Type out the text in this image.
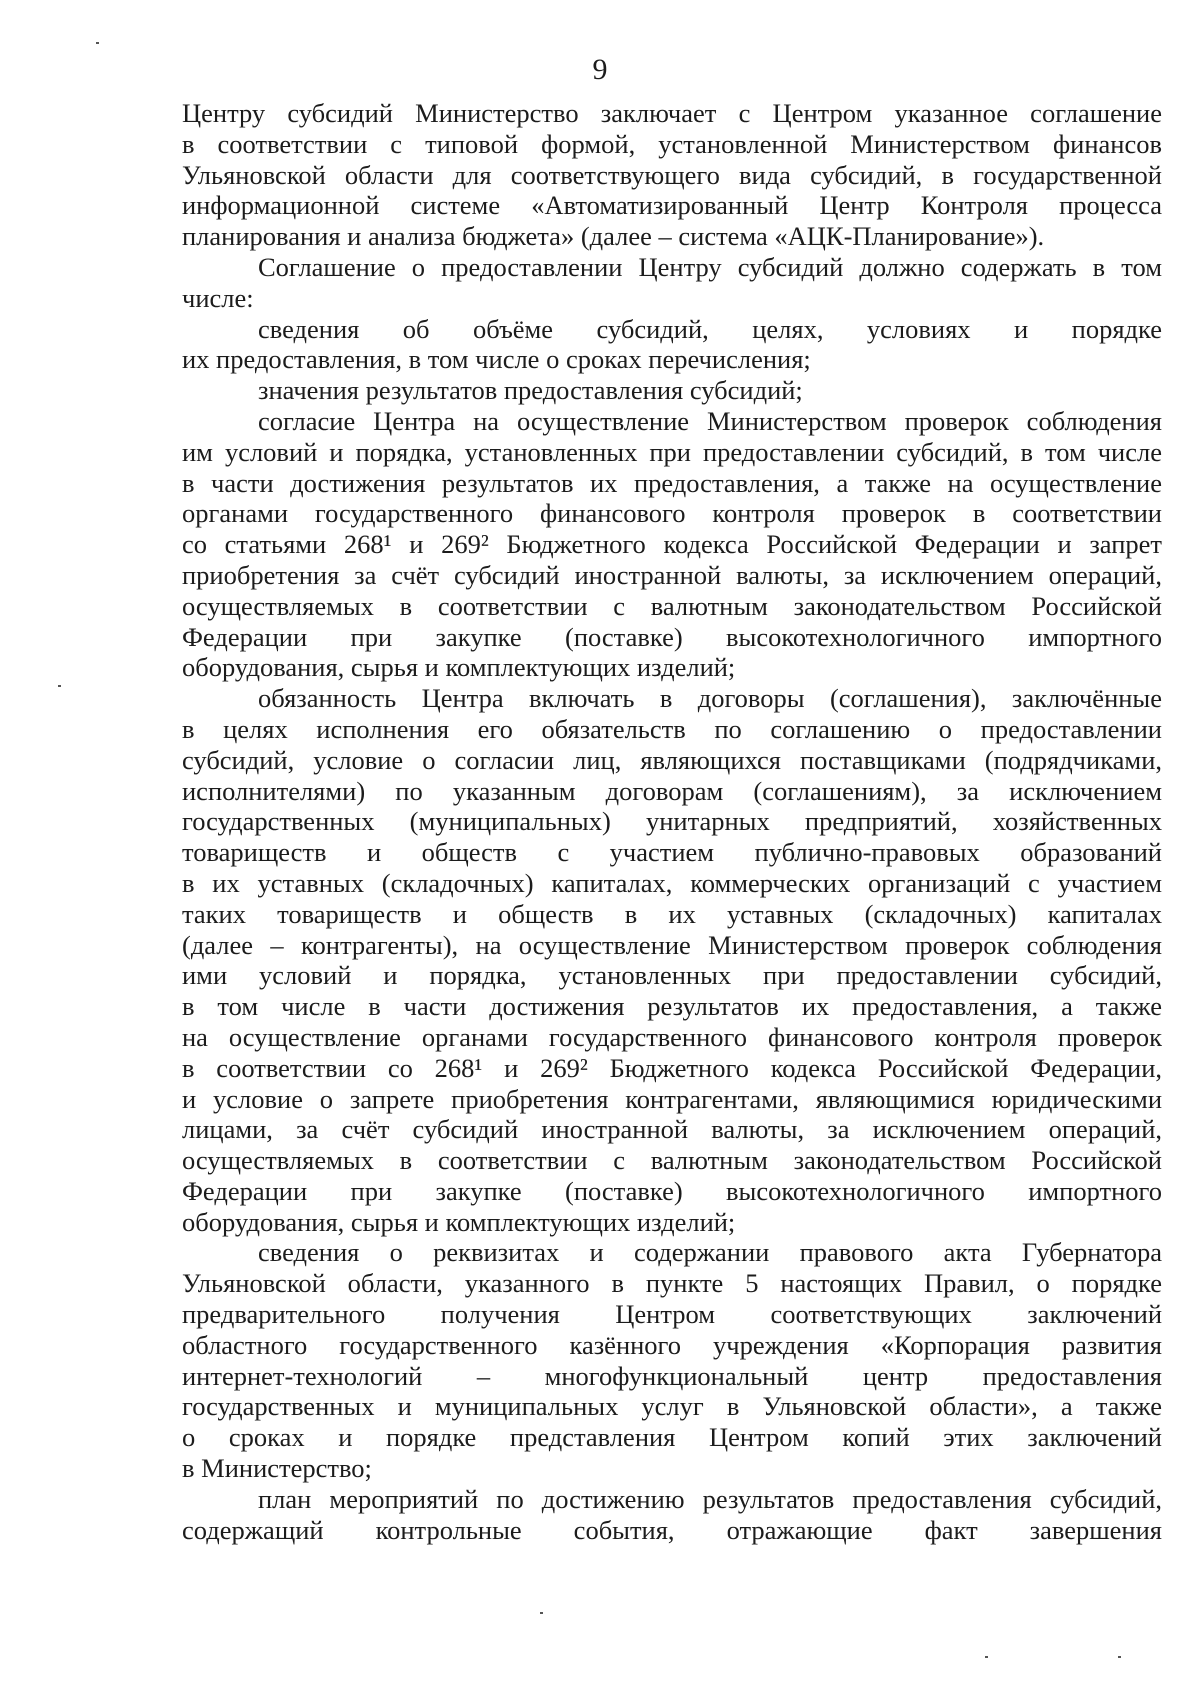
9

Центру субсидий Министерство заключает с Центром указанное соглашение

в соответствии с типовой формой, установленной Министерством финансов

Ульяновской области для соответствующего вида субсидий, в государственной

информационной системе «Автоматизированный Центр Контроля процесса

планирования и анализа бюджета» (далее – система «АЦК-Планирование»).

Соглашение о предоставлении Центру субсидий должно содержать в том

числе:

сведения об объёме субсидий, целях, условиях и порядке

их предоставления, в том числе о сроках перечисления;

значения результатов предоставления субсидий;

согласие Центра на осуществление Министерством проверок соблюдения

им условий и порядка, установленных при предоставлении субсидий, в том числе

в части достижения результатов их предоставления, а также на осуществление

органами государственного финансового контроля проверок в соответствии

со статьями 268¹ и 269² Бюджетного кодекса Российской Федерации и запрет

приобретения за счёт субсидий иностранной валюты, за исключением операций,

осуществляемых в соответствии с валютным законодательством Российской

Федерации при закупке (поставке) высокотехнологичного импортного

оборудования, сырья и комплектующих изделий;

обязанность Центра включать в договоры (соглашения), заключённые

в целях исполнения его обязательств по соглашению о предоставлении

субсидий, условие о согласии лиц, являющихся поставщиками (подрядчиками,

исполнителями) по указанным договорам (соглашениям), за исключением

государственных (муниципальных) унитарных предприятий, хозяйственных

товариществ и обществ с участием публично-правовых образований

в их уставных (складочных) капиталах, коммерческих организаций с участием

таких товариществ и обществ в их уставных (складочных) капиталах

(далее – контрагенты), на осуществление Министерством проверок соблюдения

ими условий и порядка, установленных при предоставлении субсидий,

в том числе в части достижения результатов их предоставления, а также

на осуществление органами государственного финансового контроля проверок

в соответствии со 268¹ и 269² Бюджетного кодекса Российской Федерации,

и условие о запрете приобретения контрагентами, являющимися юридическими

лицами, за счёт субсидий иностранной валюты, за исключением операций,

осуществляемых в соответствии с валютным законодательством Российской

Федерации при закупке (поставке) высокотехнологичного импортного

оборудования, сырья и комплектующих изделий;

сведения о реквизитах и содержании правового акта Губернатора

Ульяновской области, указанного в пункте 5 настоящих Правил, о порядке

предварительного получения Центром соответствующих заключений

областного государственного казённого учреждения «Корпорация развития

интернет-технологий – многофункциональный центр предоставления

государственных и муниципальных услуг в Ульяновской области», а также

о сроках и порядке представления Центром копий этих заключений

в Министерство;

план мероприятий по достижению результатов предоставления субсидий,

содержащий контрольные события, отражающие факт завершения
